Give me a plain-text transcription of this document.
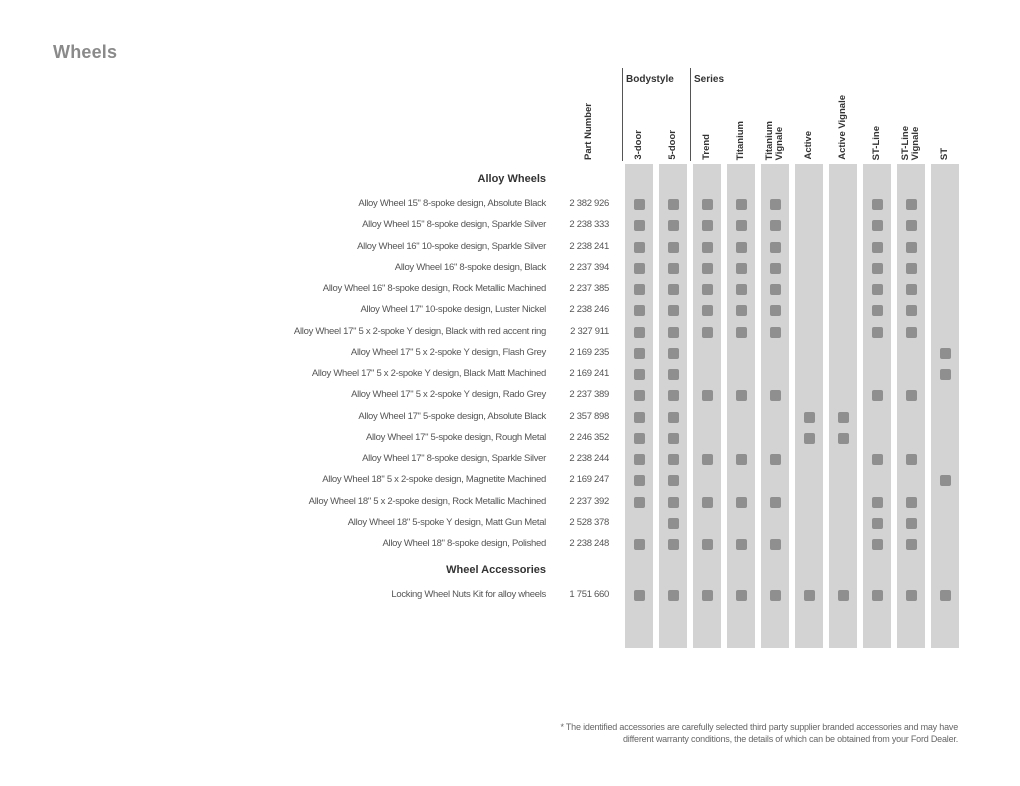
Wheels
Bodystyle Series
Part Number	3-door 5-door Trend Titanium Titanium
Vignale Active Active Vignale ST-Line ST-Line
Vignale ST
Alloy Wheels
Alloy Wheel 15" 8-spoke design, Absolute Black 2 382 926
Alloy Wheel 15" 8-spoke design, Sparkle Silver 2 238 333
Alloy Wheel 16" 10-spoke design, Sparkle Silver 2 238 241
Alloy Wheel 16" 8-spoke design, Black 2 237 394
Alloy Wheel 16" 8-spoke design, Rock Metallic Machined 2 237 385
Alloy Wheel 17" 10-spoke design, Luster Nickel 2 238 246
Alloy Wheel 17" 5 x 2-spoke Y design, Black with red accent ring	2 327 911
Alloy Wheel 17" 5 x 2-spoke Y design, Flash Grey 2 169 235
Alloy Wheel 17" 5 x 2-spoke Y design, Black Matt Machined 2 169 241
Alloy Wheel 17" 5 x 2-spoke Y design, Rado Grey 2 237 389
Alloy Wheel 17" 5-spoke design, Absolute Black 2 357 898
Alloy Wheel 17" 5-spoke design, Rough Metal 2 246 352
Alloy Wheel 17" 8-spoke design, Sparkle Silver 2 238 244
Alloy Wheel 18" 5 x 2-spoke design, Magnetite Machined 2 169 247
Alloy Wheel 18" 5 x 2-spoke design, Rock Metallic Machined 2 237 392
Alloy Wheel 18" 5-spoke Y design, Matt Gun Metal 2 528 378
Alloy Wheel 18" 8-spoke design, Polished 2 238 248
Wheel Accessories
Locking Wheel Nuts Kit for alloy wheels 1 751 660
* The identified accessories are carefully selected third party supplier branded accessories and may have different warranty conditions, the details of which can be obtained from your Ford Dealer.
